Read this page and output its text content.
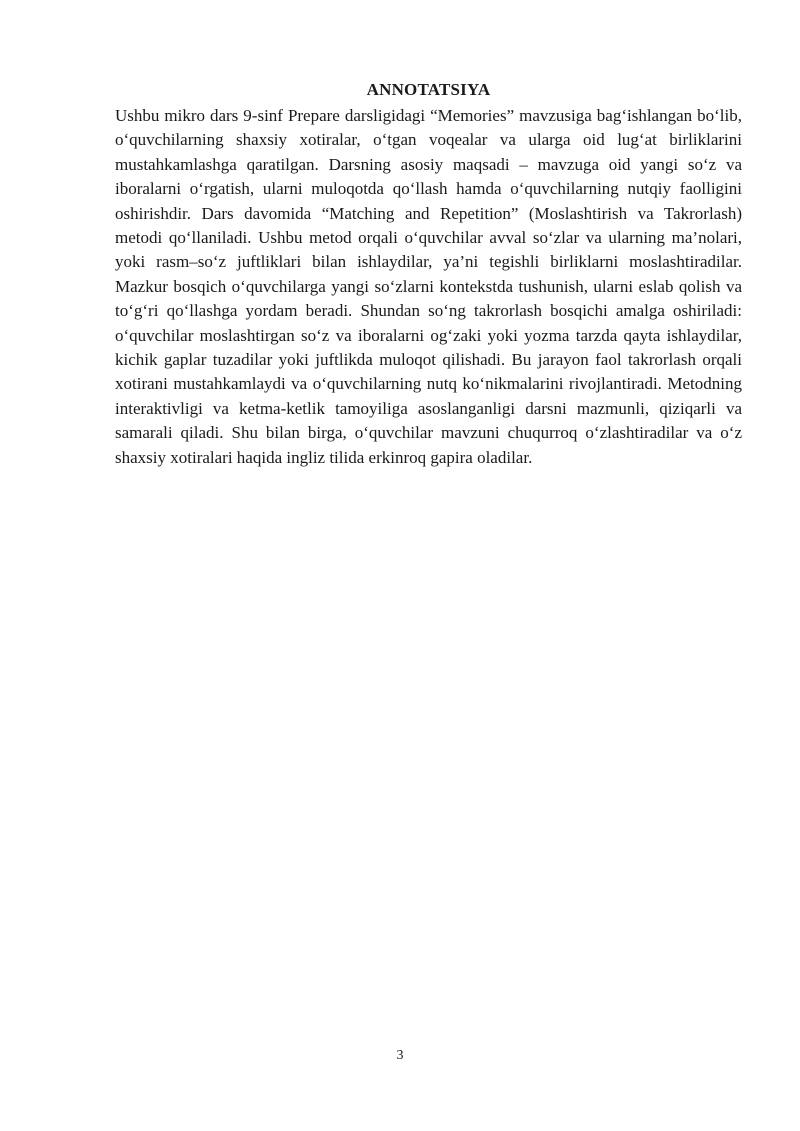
ANNOTATSIYA

Ushbu mikro dars 9-sinf Prepare darsligidagi “Memories” mavzusiga bag‘ishlangan bo‘lib, o‘quvchilarning shaxsiy xotiralar, o‘tgan voqealar va ularga oid lug‘at birliklarini mustahkamlashga qaratilgan. Darsning asosiy maqsadi – mavzuga oid yangi so‘z va iboralarni o‘rgatish, ularni muloqotda qo‘llash hamda o‘quvchilarning nutqiy faolligini oshirishdir. Dars davomida “Matching and Repetition” (Moslashtirish va Takrorlash) metodi qo‘llaniladi. Ushbu metod orqali o‘quvchilar avval so‘zlar va ularning ma’nolari, yoki rasm–so‘z juftliklari bilan ishlaydilar, ya’ni tegishli birliklarni moslashtiradilar. Mazkur bosqich o‘quvchilarga yangi so‘zlarni kontekstda tushunish, ularni eslab qolish va to‘g‘ri qo‘llashga yordam beradi. Shundan so‘ng takrorlash bosqichi amalga oshiriladi: o‘quvchilar moslashtirgan so‘z va iboralarni og‘zaki yoki yozma tarzda qayta ishlaydilar, kichik gaplar tuzadilar yoki juftlikda muloqot qilishadi. Bu jarayon faol takrorlash orqali xotirani mustahkamlaydi va o‘quvchilarning nutq ko‘nikmalarini rivojlantiradi. Metodning interaktivligi va ketma-ketlik tamoyiliga asoslanganligi darsni mazmunli, qiziqarli va samarali qiladi. Shu bilan birga, o‘quvchilar mavzuni chuqurroq o‘zlashtiradilar va o‘z shaxsiy xotiralari haqida ingliz tilida erkinroq gapira oladilar.

3
